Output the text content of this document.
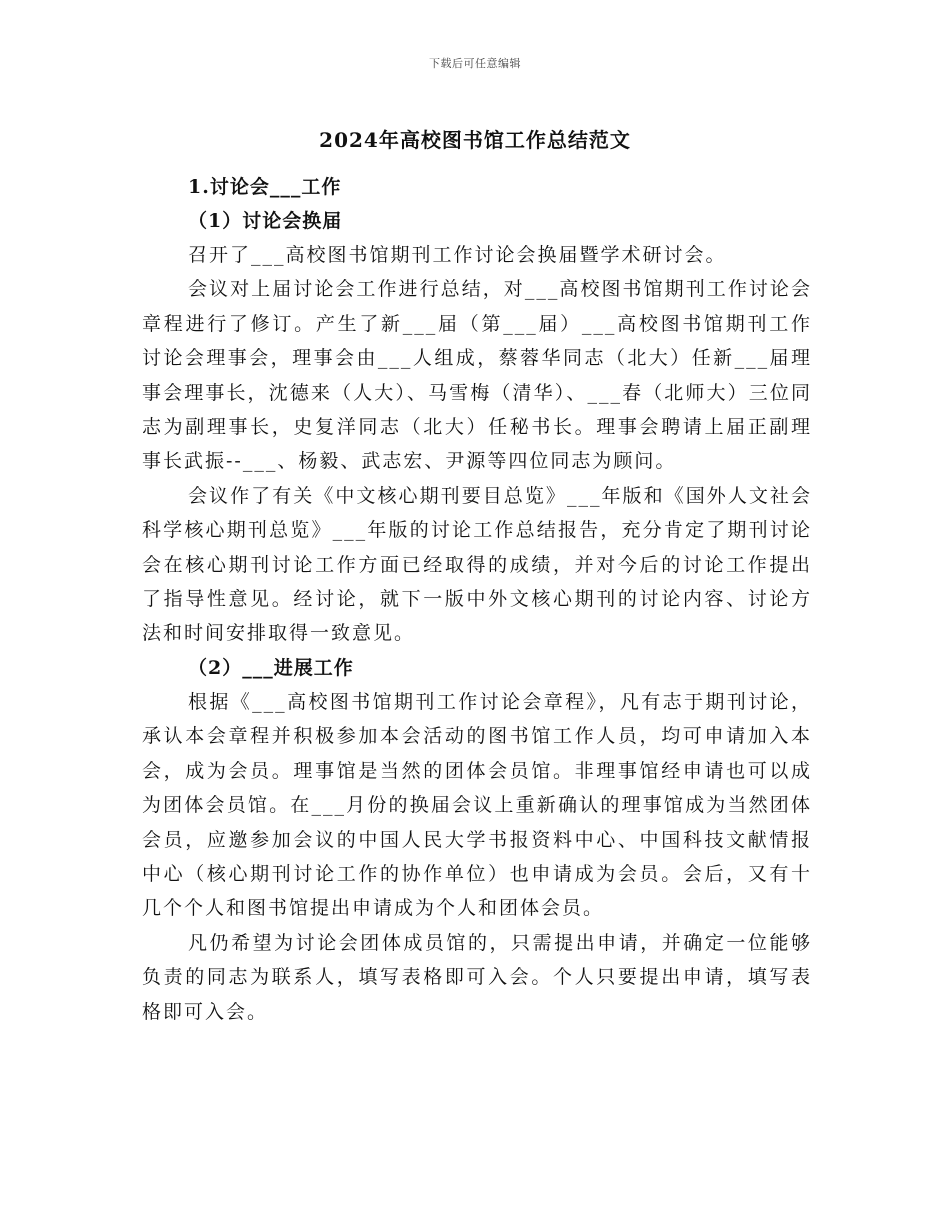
下载后可任意编辑
2024年高校图书馆工作总结范文
1.讨论会___工作
（1）讨论会换届

召开了___高校图书馆期刊工作讨论会换届暨学术研讨会。

会议对上届讨论会工作进行总结，对___高校图书馆期刊工作讨论会章程进行了修订。产生了新___届（第___届）___高校图书馆期刊工作讨论会理事会，理事会由___人组成，蔡蓉华同志（北大）任新___届理事会理事长，沈德来（人大）、马雪梅（清华）、___春（北师大）三位同志为副理事长，史复洋同志（北大）任秘书长。理事会聘请上届正副理事长武振--___、杨毅、武志宏、尹源等四位同志为顾问。

会议作了有关《中文核心期刊要目总览》___年版和《国外人文社会科学核心期刊总览》___年版的讨论工作总结报告，充分肯定了期刊讨论会在核心期刊讨论工作方面已经取得的成绩，并对今后的讨论工作提出了指导性意见。经讨论，就下一版中外文核心期刊的讨论内容、讨论方法和时间安排取得一致意见。

（2）___进展工作

根据《___高校图书馆期刊工作讨论会章程》，凡有志于期刊讨论，承认本会章程并积极参加本会活动的图书馆工作人员，均可申请加入本会，成为会员。理事馆是当然的团体会员馆。非理事馆经申请也可以成为团体会员馆。在___月份的换届会议上重新确认的理事馆成为当然团体会员，应邀参加会议的中国人民大学书报资料中心、中国科技文献情报中心（核心期刊讨论工作的协作单位）也申请成为会员。会后，又有十几个个人和图书馆提出申请成为个人和团体会员。

凡仍希望为讨论会团体成员馆的，只需提出申请，并确定一位能够负责的同志为联系人，填写表格即可入会。个人只要提出申请，填写表格即可入会。
